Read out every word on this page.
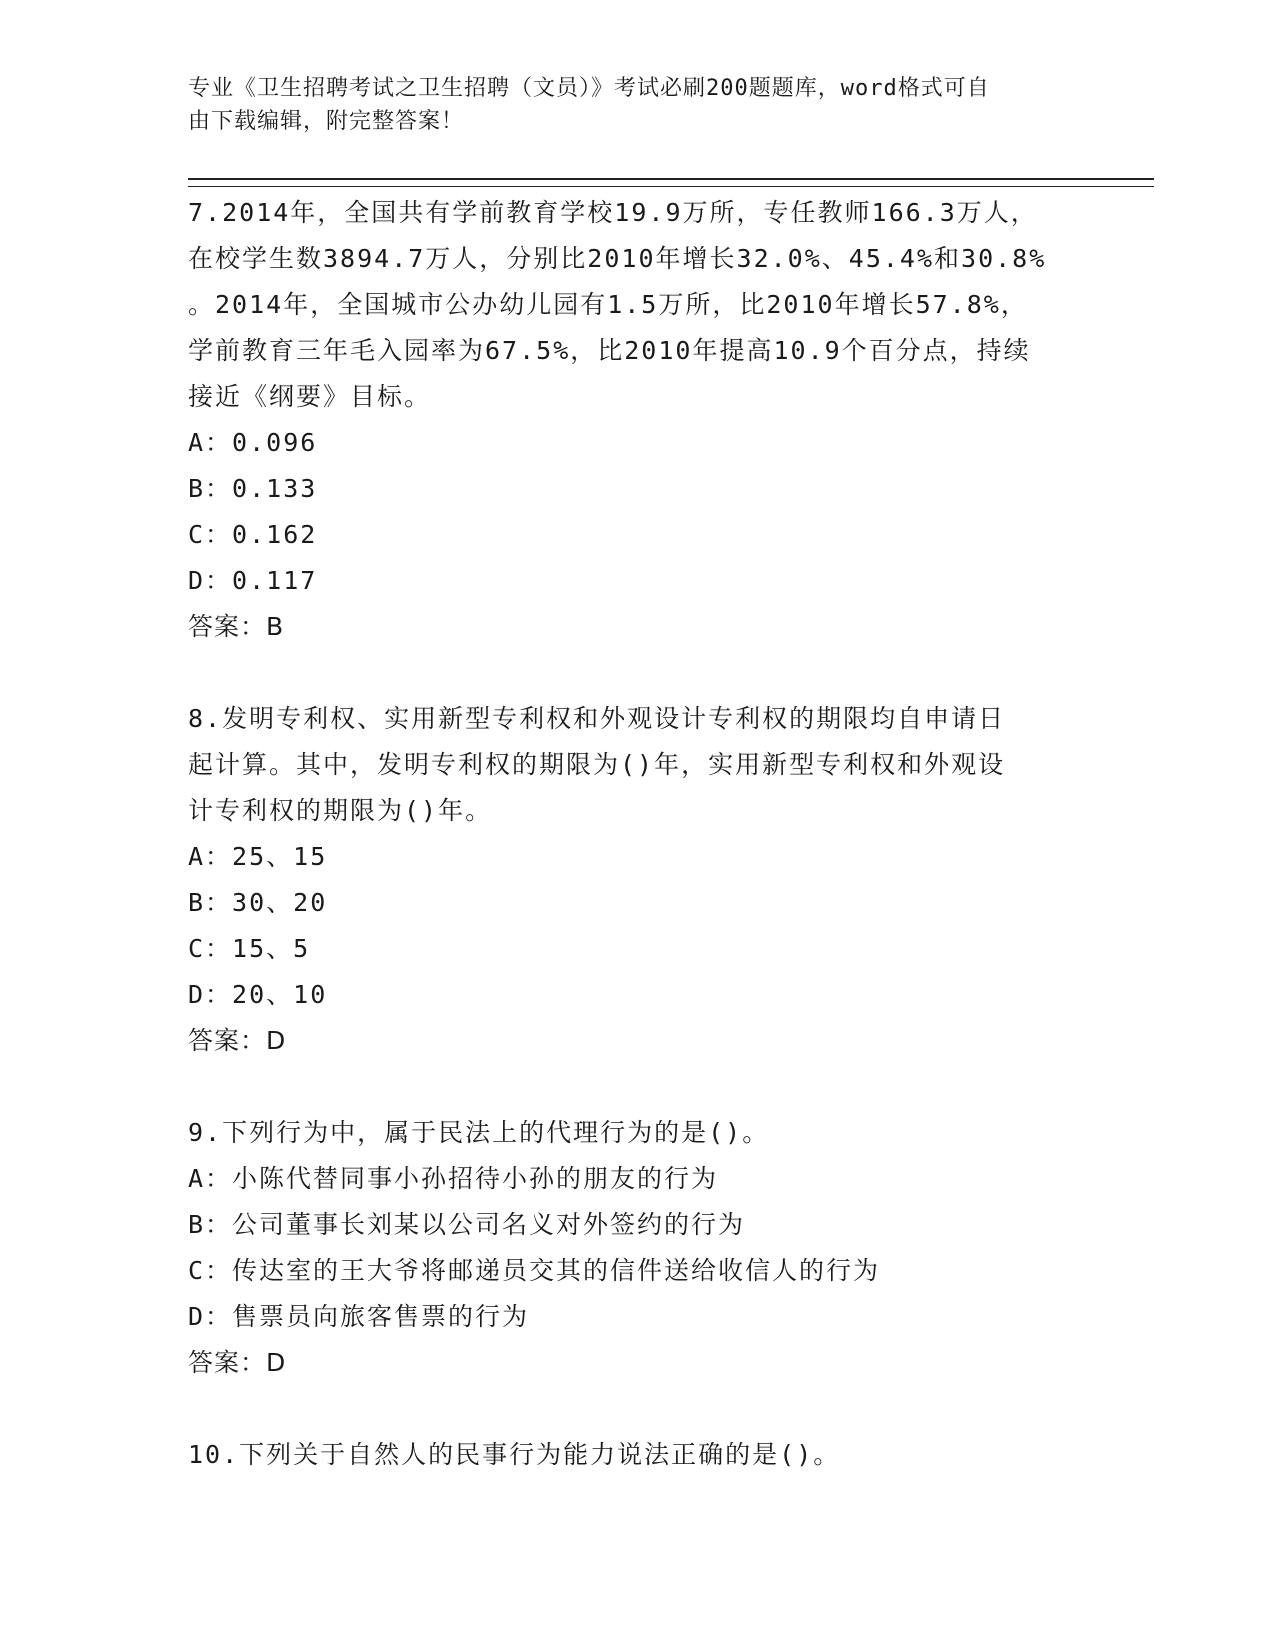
专业《卫生招聘考试之卫生招聘（文员）》考试必刷200题题库，word格式可自
由下载编辑，附完整答案！

7.2014年，全国共有学前教育学校19.9万所，专任教师166.3万人，

在校学生数3894.7万人，分别比2010年增长32.0%、45.4%和30.8%

。2014年，全国城市公办幼儿园有1.5万所，比2010年增长57.8%，

学前教育三年毛入园率为67.5%，比2010年提高10.9个百分点，持续

接近《纲要》目标。

A：0.096

B：0.133

C：0.162

D：0.117

答案：B

8.发明专利权、实用新型专利权和外观设计专利权的期限均自申请日

起计算。其中，发明专利权的期限为()年，实用新型专利权和外观设

计专利权的期限为()年。

A：25、15

B：30、20

C：15、5

D：20、10

答案：D

9.下列行为中，属于民法上的代理行为的是()。

A：小陈代替同事小孙招待小孙的朋友的行为

B：公司董事长刘某以公司名义对外签约的行为

C：传达室的王大爷将邮递员交其的信件送给收信人的行为

D：售票员向旅客售票的行为

答案：D

10.下列关于自然人的民事行为能力说法正确的是()。
